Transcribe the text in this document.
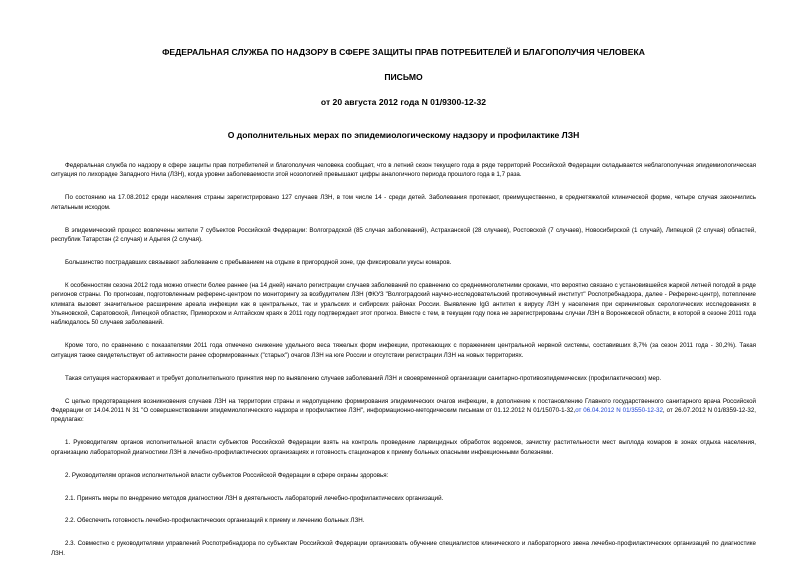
ФЕДЕРАЛЬНАЯ СЛУЖБА ПО НАДЗОРУ В СФЕРЕ ЗАЩИТЫ ПРАВ ПОТРЕБИТЕЛЕЙ И БЛАГОПОЛУЧИЯ ЧЕЛОВЕКА
ПИСЬМО
от 20 августа 2012 года N 01/9300-12-32
О дополнительных мерах по эпидемиологическому надзору и профилактике ЛЗН

Федеральная служба по надзору в сфере защиты прав потребителей и благополучия человека сообщает, что в летний сезон текущего года в ряде территорий Российской Федерации складывается неблагополучная эпидемиологическая ситуация по лихорадке Западного Нила (ЛЗН), когда уровни заболеваемости этой нозологией превышают цифры аналогичного периода прошлого года в 1,7 раза.

По состоянию на 17.08.2012 среди населения страны зарегистрировано 127 случаев ЛЗН, в том числе 14 - среди детей. Заболевания протекают, преимущественно, в среднетяжелой клинической форме, четыре случая закончились летальным исходом.

В эпидемический процесс вовлечены жители 7 субъектов Российской Федерации: Волгоградской (85 случая заболеваний), Астраханской (28 случаев), Ростовской (7 случаев), Новосибирской (1 случай), Липецкой (2 случая) областей, республик Татарстан (2 случая) и Адыгея (2 случая).

Большинство пострадавших связывают заболевание с пребыванием на отдыхе в пригородной зоне, где фиксировали укусы комаров.

К особенностям сезона 2012 года можно отнести более раннее (на 14 дней) начало регистрации случаев заболеваний по сравнению со среднемноголетними сроками, что вероятно связано с установившейся жаркой летней погодой в ряде регионов страны. По прогнозам, подготовленным референс-центром по мониторингу за возбудителем ЛЗН (ФКУЗ "Волгоградский научно-исследовательский противочумный институт" Роспотребнадзора, далее - Референс-центр), потепление климата вызовет значительное расширение ареала инфекции как в центральных, так и уральских и сибирских районах России. Выявление IgG антител к вирусу ЛЗН у населения при скрининговых серологических исследованиях в Ульяновской, Саратовской, Липецкой областях, Приморском и Алтайском краях в 2011 году подтверждает этот прогноз. Вместе с тем, в текущем году пока не зарегистрированы случаи ЛЗН в Воронежской области, в которой в сезоне 2011 года наблюдалось 50 случаев заболеваний.

Кроме того, по сравнению с показателями 2011 года отмечено снижение удельного веса тяжелых форм инфекции, протекающих с поражением центральной нервной системы, составивших 8,7% (за сезон 2011 года - 30,2%). Такая ситуация также свидетельствует об активности ранее сформированных ("старых") очагов ЛЗН на юге России и отсутствии регистрации ЛЗН на новых территориях.

Такая ситуация настораживает и требует дополнительного принятия мер по выявлению случаев заболеваний ЛЗН и своевременной организации санитарно-противоэпидемических (профилактических) мер.

С целью предотвращения возникновения случаев ЛЗН на территории страны и недопущению формирования эпидемических очагов инфекции, в дополнение к постановлению Главного государственного санитарного врача Российской Федерации от 14.04.2011 N 31 "О совершенствовании эпидемиологического надзора и профилактике ЛЗН", информационно-методическим письмам от 01.12.2012 N 01/15070-1-32,от 06.04.2012 N 01/3550-12-32, от 26.07.2012 N 01/8359-12-32, предлагаю:

1. Руководителям органов исполнительной власти субъектов Российской Федерации взять на контроль проведение ларвицидных обработок водоемов, зачистку растительности мест выплода комаров в зонах отдыха населения, организацию лабораторной диагностики ЛЗН в лечебно-профилактических организациях и готовность стационаров к приему больных опасными инфекционными болезнями.

2. Руководителям органов исполнительной власти субъектов Российской Федерации в сфере охраны здоровья:

2.1. Принять меры по внедрению методов диагностики ЛЗН в деятельность лабораторий лечебно-профилактических организаций.

2.2. Обеспечить готовность лечебно-профилактических организаций к приему и лечению больных ЛЗН.

2.3. Совместно с руководителями управлений Роспотребнадзора по субъектам Российской Федерации организовать обучение специалистов клинического и лабораторного звена лечебно-профилактических организаций по диагностике ЛЗН.
